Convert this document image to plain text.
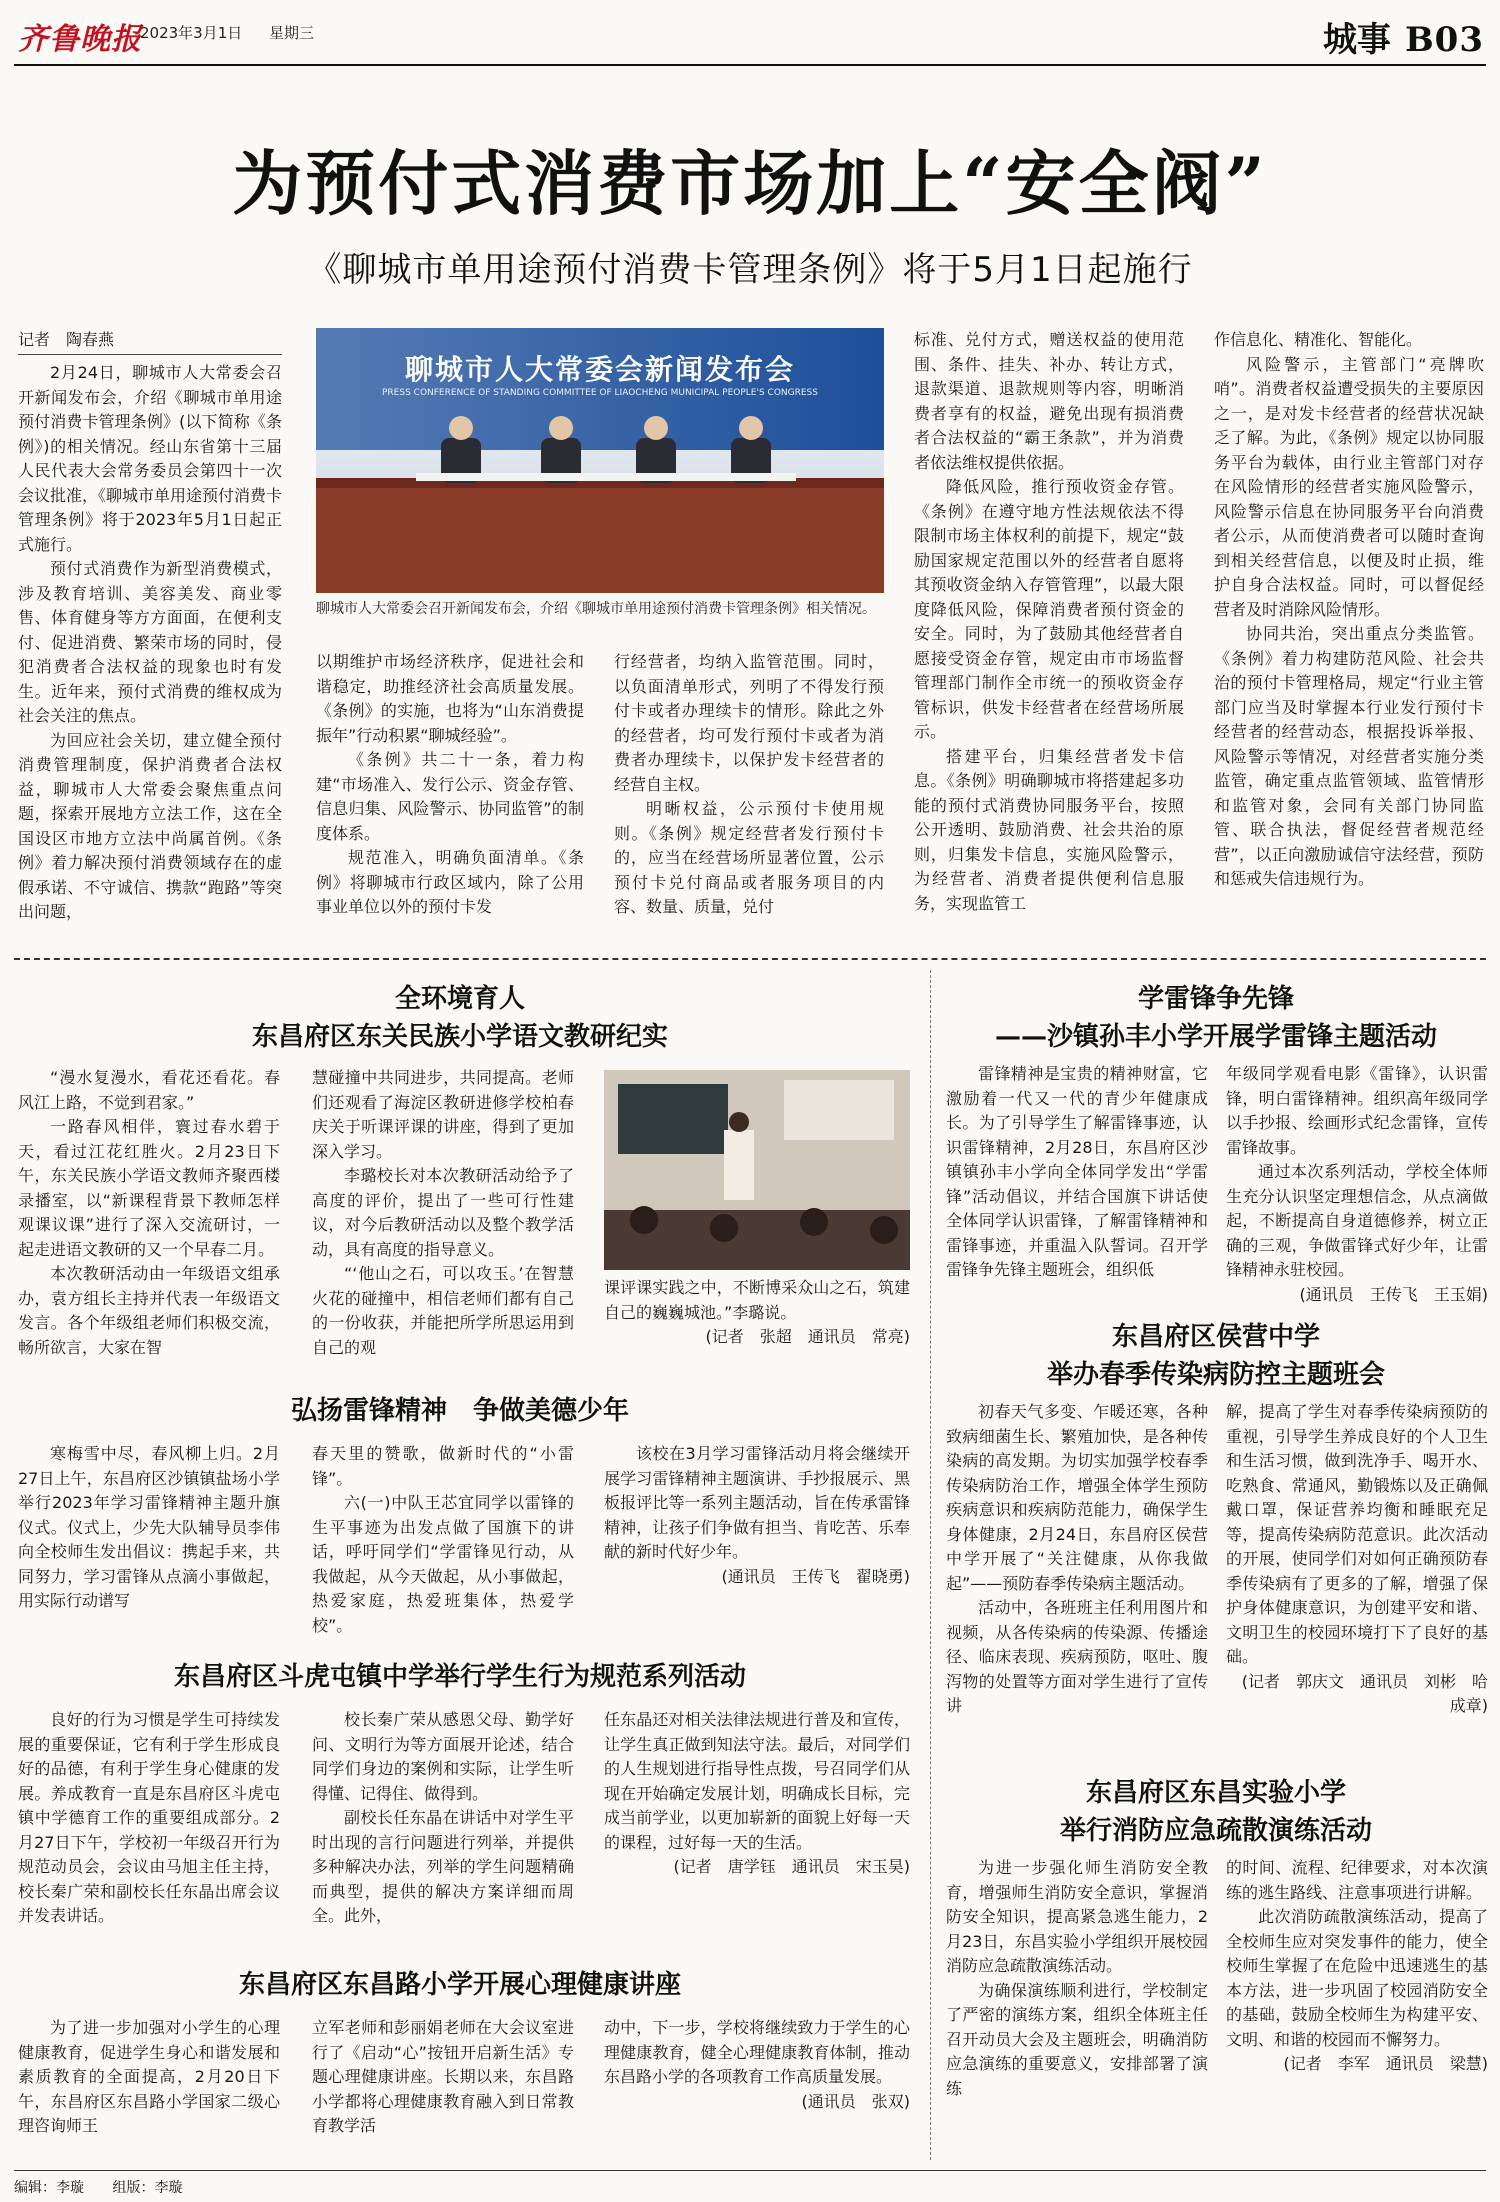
齐鲁晚报
2023年3月1日 星期三	城事 B03
为预付式消费市场加上“安全阀”
《聊城市单用途预付消费卡管理条例》将于5月1日起施行
记者　陶春燕

2月24日，聊城市人大常委会召开新闻发布会，介绍《聊城市单用途预付消费卡管理条例》(以下简称《条例》)的相关情况。经山东省第十三届人民代表大会常务委员会第四十一次会议批准，《聊城市单用途预付消费卡管理条例》将于2023年5月1日起正式施行。

预付式消费作为新型消费模式，涉及教育培训、美容美发、商业零售、体育健身等方方面面，在便利支付、促进消费、繁荣市场的同时，侵犯消费者合法权益的现象也时有发生。近年来，预付式消费的维权成为社会关注的焦点。

为回应社会关切，建立健全预付消费管理制度，保护消费者合法权益，聊城市人大常委会聚焦重点问题，探索开展地方立法工作，这在全国设区市地方立法中尚属首例。《条例》着力解决预付消费领域存在的虚假承诺、不守诚信、携款“跑路”等突出问题，

聊城市人大常委会新闻发布会
PRESS CONFERENCE OF STANDING COMMITTEE OF LIAOCHENG MUNICIPAL PEOPLE'S CONGRESS
聊城市人大常委会召开新闻发布会，介绍《聊城市单用途预付消费卡管理条例》相关情况。

以期维护市场经济秩序，促进社会和谐稳定，助推经济社会高质量发展。《条例》的实施，也将为“山东消费提振年”行动积累“聊城经验”。

《条例》共二十一条，着力构建“市场准入、发行公示、资金存管、信息归集、风险警示、协同监管”的制度体系。

规范准入，明确负面清单。《条例》将聊城市行政区域内，除了公用事业单位以外的预付卡发

行经营者，均纳入监管范围。同时，以负面清单形式，列明了不得发行预付卡或者办理续卡的情形。除此之外的经营者，均可发行预付卡或者为消费者办理续卡，以保护发卡经营者的经营自主权。

明晰权益，公示预付卡使用规则。《条例》规定经营者发行预付卡的，应当在经营场所显著位置，公示预付卡兑付商品或者服务项目的内容、数量、质量，兑付

标准、兑付方式，赠送权益的使用范围、条件、挂失、补办、转让方式，退款渠道、退款规则等内容，明晰消费者享有的权益，避免出现有损消费者合法权益的“霸王条款”，并为消费者依法维权提供依据。

降低风险，推行预收资金存管。《条例》在遵守地方性法规依法不得限制市场主体权利的前提下，规定“鼓励国家规定范围以外的经营者自愿将其预收资金纳入存管管理”，以最大限度降低风险，保障消费者预付资金的安全。同时，为了鼓励其他经营者自愿接受资金存管，规定由市市场监督管理部门制作全市统一的预收资金存管标识，供发卡经营者在经营场所展示。

搭建平台，归集经营者发卡信息。《条例》明确聊城市将搭建起多功能的预付式消费协同服务平台，按照公开透明、鼓励消费、社会共治的原则，归集发卡信息，实施风险警示，为经营者、消费者提供便利信息服务，实现监管工

作信息化、精准化、智能化。

风险警示，主管部门“亮牌吹哨”。消费者权益遭受损失的主要原因之一，是对发卡经营者的经营状况缺乏了解。为此，《条例》规定以协同服务平台为载体，由行业主管部门对存在风险情形的经营者实施风险警示，风险警示信息在协同服务平台向消费者公示，从而使消费者可以随时查询到相关经营信息，以便及时止损，维护自身合法权益。同时，可以督促经营者及时消除风险情形。

协同共治，突出重点分类监管。《条例》着力构建防范风险、社会共治的预付卡管理格局，规定“行业主管部门应当及时掌握本行业发行预付卡经营者的经营动态，根据投诉举报、风险警示等情况，对经营者实施分类监管，确定重点监管领域、监管情形和监管对象，会同有关部门协同监管、联合执法，督促经营者规范经营”，以正向激励诚信守法经营，预防和惩戒失信违规行为。

全环境育人
东昌府区东关民族小学语文教研纪实

“漫水复漫水，看花还看花。春风江上路，不觉到君家。”

一路春风相伴，寰过春水碧于天，看过江花红胜火。2月23日下午，东关民族小学语文教师齐聚西楼录播室，以“新课程背景下教师怎样观课议课”进行了深入交流研讨，一起走进语文教研的又一个早春二月。

本次教研活动由一年级语文组承办，袁方组长主持并代表一年级语文发言。各个年级组老师们积极交流，畅所欲言，大家在智

慧碰撞中共同进步，共同提高。老师们还观看了海淀区教研进修学校柏春庆关于听课评课的讲座，得到了更加深入学习。

李璐校长对本次教研活动给予了高度的评价，提出了一些可行性建议，对今后教研活动以及整个教学活动，具有高度的指导意义。

“‘他山之石，可以攻玉。’在智慧火花的碰撞中，相信老师们都有自己的一份收获，并能把所学所思运用到自己的观

课评课实践之中，不断博采众山之石，筑建自己的巍巍城池。”李璐说。

(记者　张超　通讯员　常亮)

弘扬雷锋精神　争做美德少年

寒梅雪中尽，春风柳上归。2月27日上午，东昌府区沙镇镇盐场小学举行2023年学习雷锋精神主题升旗仪式。仪式上，少先大队辅导员李伟向全校师生发出倡议：携起手来，共同努力，学习雷锋从点滴小事做起，用实际行动谱写

春天里的赞歌，做新时代的“小雷锋”。

六(一)中队王芯宜同学以雷锋的生平事迹为出发点做了国旗下的讲话，呼吁同学们“学雷锋见行动，从我做起，从今天做起，从小事做起，热爱家庭，热爱班集体，热爱学校”。

该校在3月学习雷锋活动月将会继续开展学习雷锋精神主题演讲、手抄报展示、黑板报评比等一系列主题活动，旨在传承雷锋精神，让孩子们争做有担当、肯吃苦、乐奉献的新时代好少年。

(通讯员　王传飞　翟晓勇)

东昌府区斗虎屯镇中学举行学生行为规范系列活动

良好的行为习惯是学生可持续发展的重要保证，它有利于学生形成良好的品德，有利于学生身心健康的发展。养成教育一直是东昌府区斗虎屯镇中学德育工作的重要组成部分。2月27日下午，学校初一年级召开行为规范动员会，会议由马旭主任主持，校长秦广荣和副校长任东晶出席会议并发表讲话。

校长秦广荣从感恩父母、勤学好问、文明行为等方面展开论述，结合同学们身边的案例和实际，让学生听得懂、记得住、做得到。

副校长任东晶在讲话中对学生平时出现的言行问题进行列举，并提供多种解决办法，列举的学生问题精确而典型，提供的解决方案详细而周全。此外，

任东晶还对相关法律法规进行普及和宣传，让学生真正做到知法守法。最后，对同学们的人生规划进行指导性点拨，号召同学们从现在开始确定发展计划，明确成长目标，完成当前学业，以更加崭新的面貌上好每一天的课程，过好每一天的生活。

(记者　唐学钰　通讯员　宋玉昊)

东昌府区东昌路小学开展心理健康讲座

为了进一步加强对小学生的心理健康教育，促进学生身心和谐发展和素质教育的全面提高，2月20日下午，东昌府区东昌路小学国家二级心理咨询师王

立军老师和彭丽娟老师在大会议室进行了《启动“心”按钮开启新生活》专题心理健康讲座。长期以来，东昌路小学都将心理健康教育融入到日常教育教学活

动中，下一步，学校将继续致力于学生的心理健康教育，健全心理健康教育体制，推动东昌路小学的各项教育工作高质量发展。

(通讯员　张双)

学雷锋争先锋
——沙镇孙丰小学开展学雷锋主题活动

雷锋精神是宝贵的精神财富，它激励着一代又一代的青少年健康成长。为了引导学生了解雷锋事迹，认识雷锋精神，2月28日，东昌府区沙镇镇孙丰小学向全体同学发出“学雷锋”活动倡议，并结合国旗下讲话使全体同学认识雷锋，了解雷锋精神和雷锋事迹，并重温入队誓词。召开学雷锋争先锋主题班会，组织低

年级同学观看电影《雷锋》，认识雷锋，明白雷锋精神。组织高年级同学以手抄报、绘画形式纪念雷锋，宣传雷锋故事。

通过本次系列活动，学校全体师生充分认识坚定理想信念，从点滴做起，不断提高自身道德修养，树立正确的三观，争做雷锋式好少年，让雷锋精神永驻校园。

(通讯员　王传飞　王玉娟)

东昌府区侯营中学
举办春季传染病防控主题班会

初春天气多变、乍暖还寒，各种致病细菌生长、繁殖加快，是各种传染病的高发期。为切实加强学校春季传染病防治工作，增强全体学生预防疾病意识和疾病防范能力，确保学生身体健康，2月24日，东昌府区侯营中学开展了“关注健康，从你我做起”——预防春季传染病主题活动。

活动中，各班班主任利用图片和视频，从各传染病的传染源、传播途径、临床表现、疾病预防，呕吐、腹泻物的处置等方面对学生进行了宣传讲

解，提高了学生对春季传染病预防的重视，引导学生养成良好的个人卫生和生活习惯，做到洗净手、喝开水、吃熟食、常通风，勤锻炼以及正确佩戴口罩，保证营养均衡和睡眠充足等，提高传染病防范意识。此次活动的开展，使同学们对如何正确预防春季传染病有了更多的了解，增强了保护身体健康意识，为创建平安和谐、文明卫生的校园环境打下了良好的基础。

(记者　郭庆文　通讯员　刘彬　哈成章)

东昌府区东昌实验小学
举行消防应急疏散演练活动

为进一步强化师生消防安全教育，增强师生消防安全意识，掌握消防安全知识，提高紧急逃生能力，2月23日，东昌实验小学组织开展校园消防应急疏散演练活动。

为确保演练顺利进行，学校制定了严密的演练方案，组织全体班主任召开动员大会及主题班会，明确消防应急演练的重要意义，安排部署了演练

的时间、流程、纪律要求，对本次演练的逃生路线、注意事项进行讲解。

此次消防疏散演练活动，提高了全校师生应对突发事件的能力，使全校师生掌握了在危险中迅速逃生的基本方法，进一步巩固了校园消防安全的基础，鼓励全校师生为构建平安、文明、和谐的校园而不懈努力。

(记者　李军　通讯员　梁慧)

编辑：李璇 组版：李璇
